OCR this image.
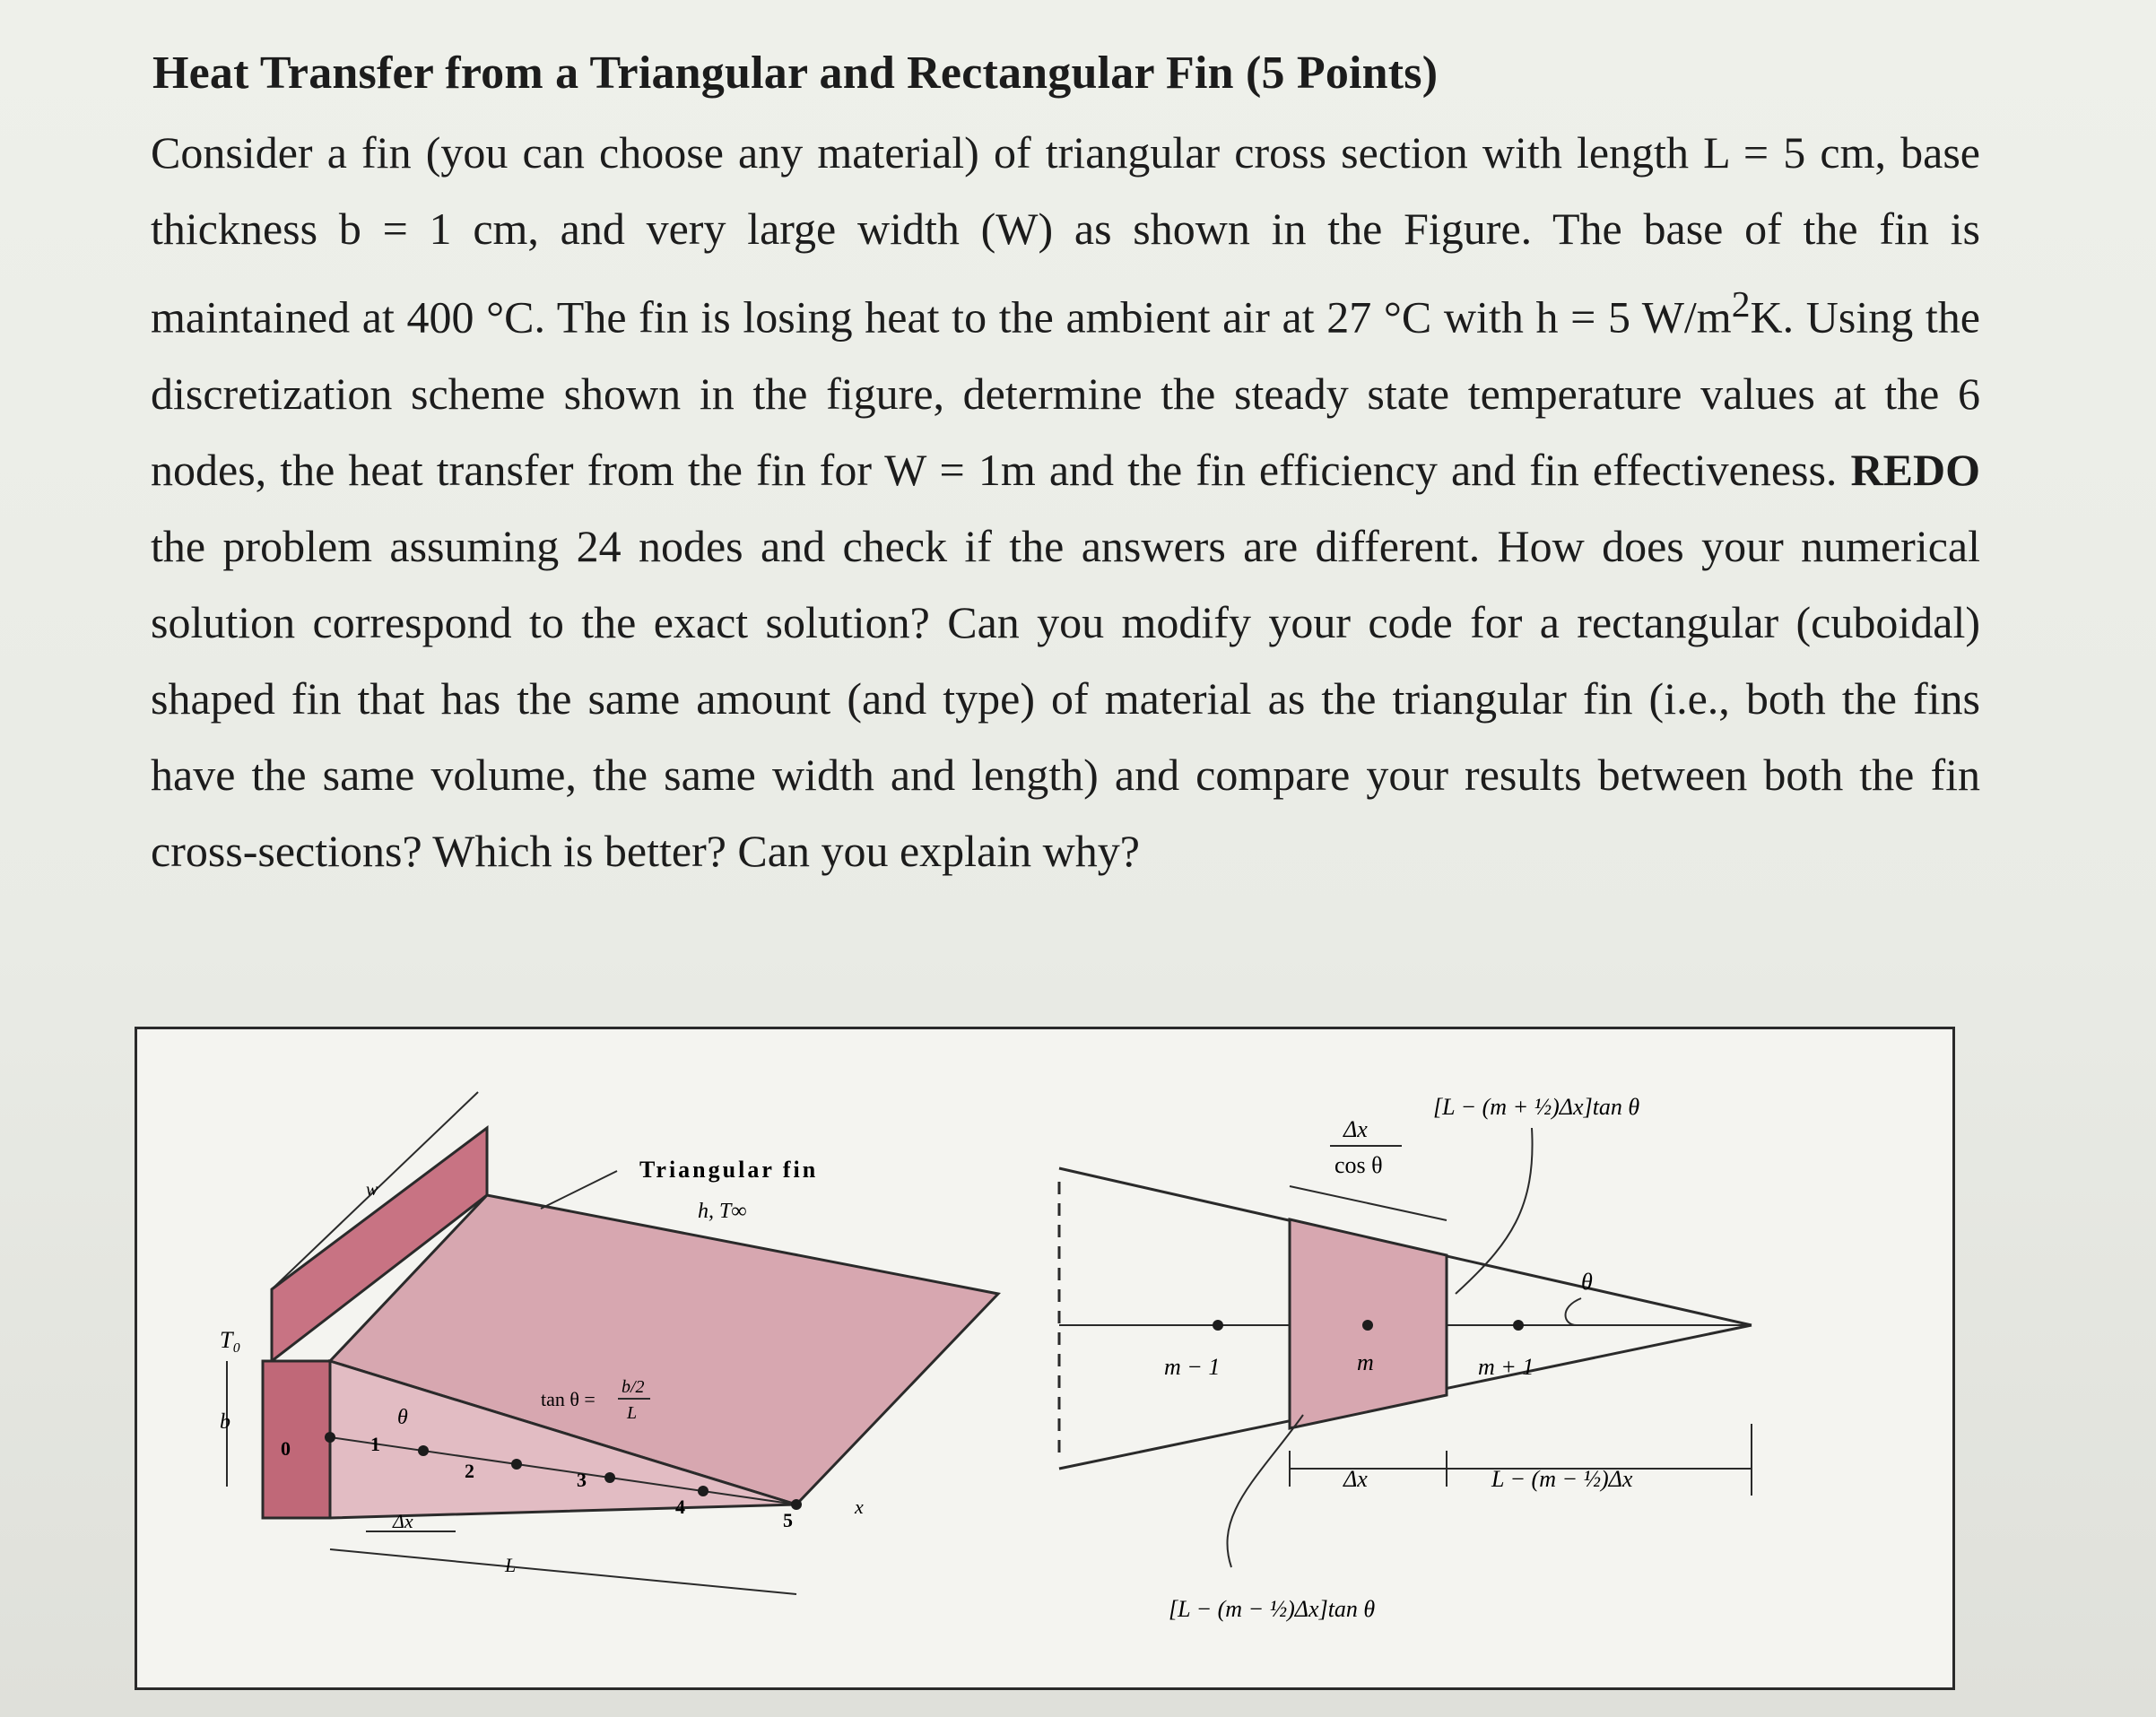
Heat Transfer from a Triangular and Rectangular Fin (5 Points)
Consider a fin (you can choose any material) of triangular cross section with length L = 5 cm, base thickness b = 1 cm, and very large width (W) as shown in the Figure. The base of the fin is maintained at 400 °C. The fin is losing heat to the ambient air at 27 °C with h = 5 $W/m^2K$. Using the discretization scheme shown in the figure, determine the steady state temperature values at the 6 nodes, the heat transfer from the fin for W = 1m and the fin efficiency and fin effectiveness. REDO the problem assuming 24 nodes and check if the answers are different. How does your numerical solution correspond to the exact solution? Can you modify your code for a rectangular (cuboidal) shaped fin that has the same amount (and type) of material as the triangular fin (i.e., both the fins have the same volume, the same width and length) and compare your results between both the fin cross-sections? Which is better? Can you explain why?
Triangular fin
h, T∞
w
T₀
b	θ
tan θ =
b/2
L
Δx
L
x
0	1
2	3
4
5
Δx
cos θ
[L − (m + ½)Δx]tan θ
θ
m − 1	m	m + 1
Δx	L − (m − ½)Δx
[L − (m − ½)Δx]tan θ
